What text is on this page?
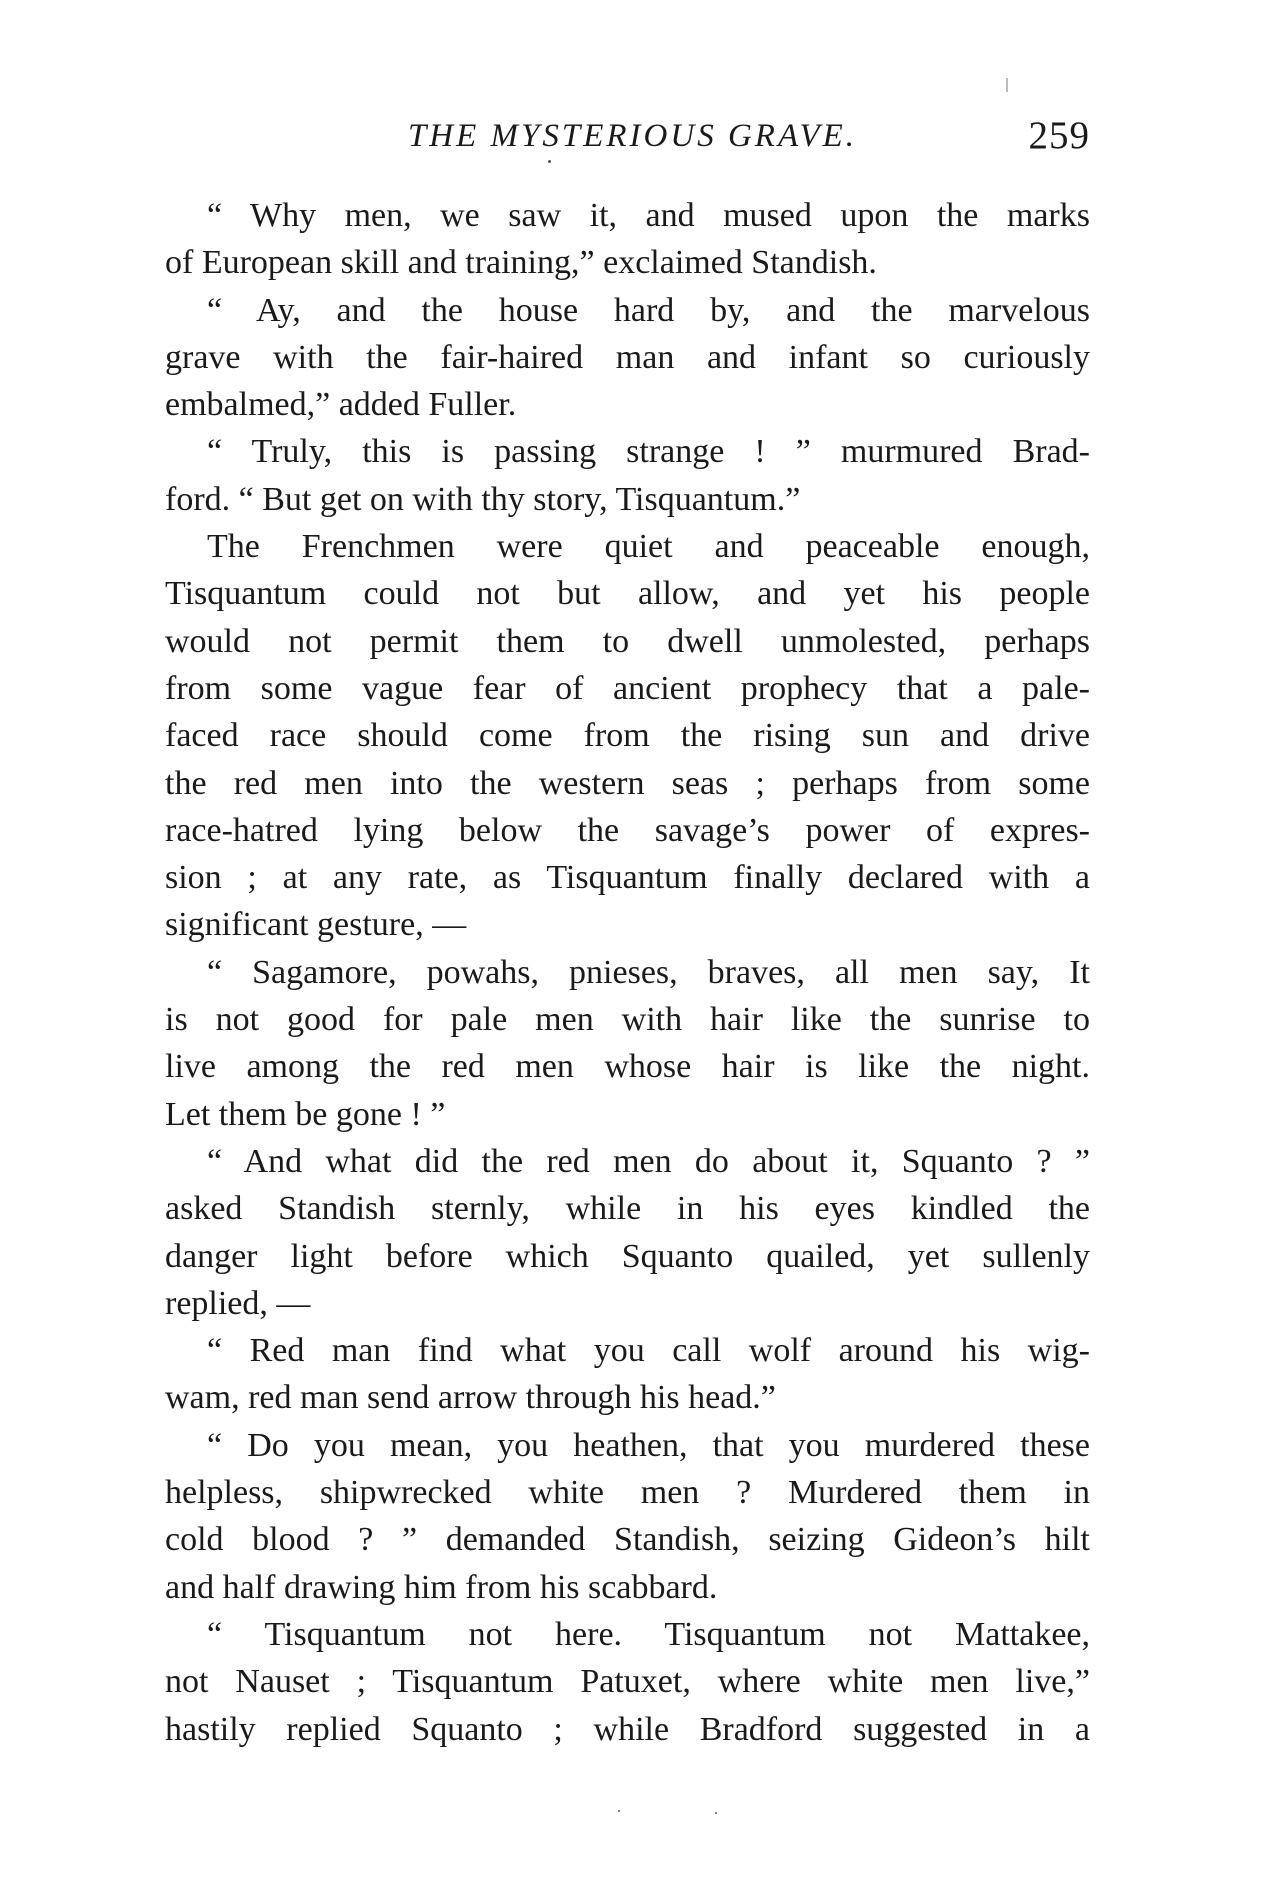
THE MYSTERIOUS GRAVE.	259
“ Why men, we saw it, and mused upon the marks
of European skill and training,” exclaimed Standish.
“ Ay, and the house hard by, and the marvelous
grave with the fair-haired man and infant so curiously
embalmed,” added Fuller.
“ Truly, this is passing strange ! ” murmured Brad-
ford. “ But get on with thy story, Tisquantum.”
The Frenchmen were quiet and peaceable enough,
Tisquantum could not but allow, and yet his people
would not permit them to dwell unmolested, perhaps
from some vague fear of ancient prophecy that a pale-
faced race should come from the rising sun and drive
the red men into the western seas ; perhaps from some
race-hatred lying below the savage’s power of expres-
sion ; at any rate, as Tisquantum finally declared with a
significant gesture, —
“ Sagamore, powahs, pnieses, braves, all men say, It
is not good for pale men with hair like the sunrise to
live among the red men whose hair is like the night.
Let them be gone ! ”
“ And what did the red men do about it, Squanto ? ”
asked Standish sternly, while in his eyes kindled the
danger light before which Squanto quailed, yet sullenly
replied, —
“ Red man find what you call wolf around his wig-
wam, red man send arrow through his head.”
“ Do you mean, you heathen, that you murdered these
helpless, shipwrecked white men ? Murdered them in
cold blood ? ” demanded Standish, seizing Gideon’s hilt
and half drawing him from his scabbard.
“ Tisquantum not here. Tisquantum not Mattakee,
not Nauset ; Tisquantum Patuxet, where white men live,”
hastily replied Squanto ; while Bradford suggested in a
